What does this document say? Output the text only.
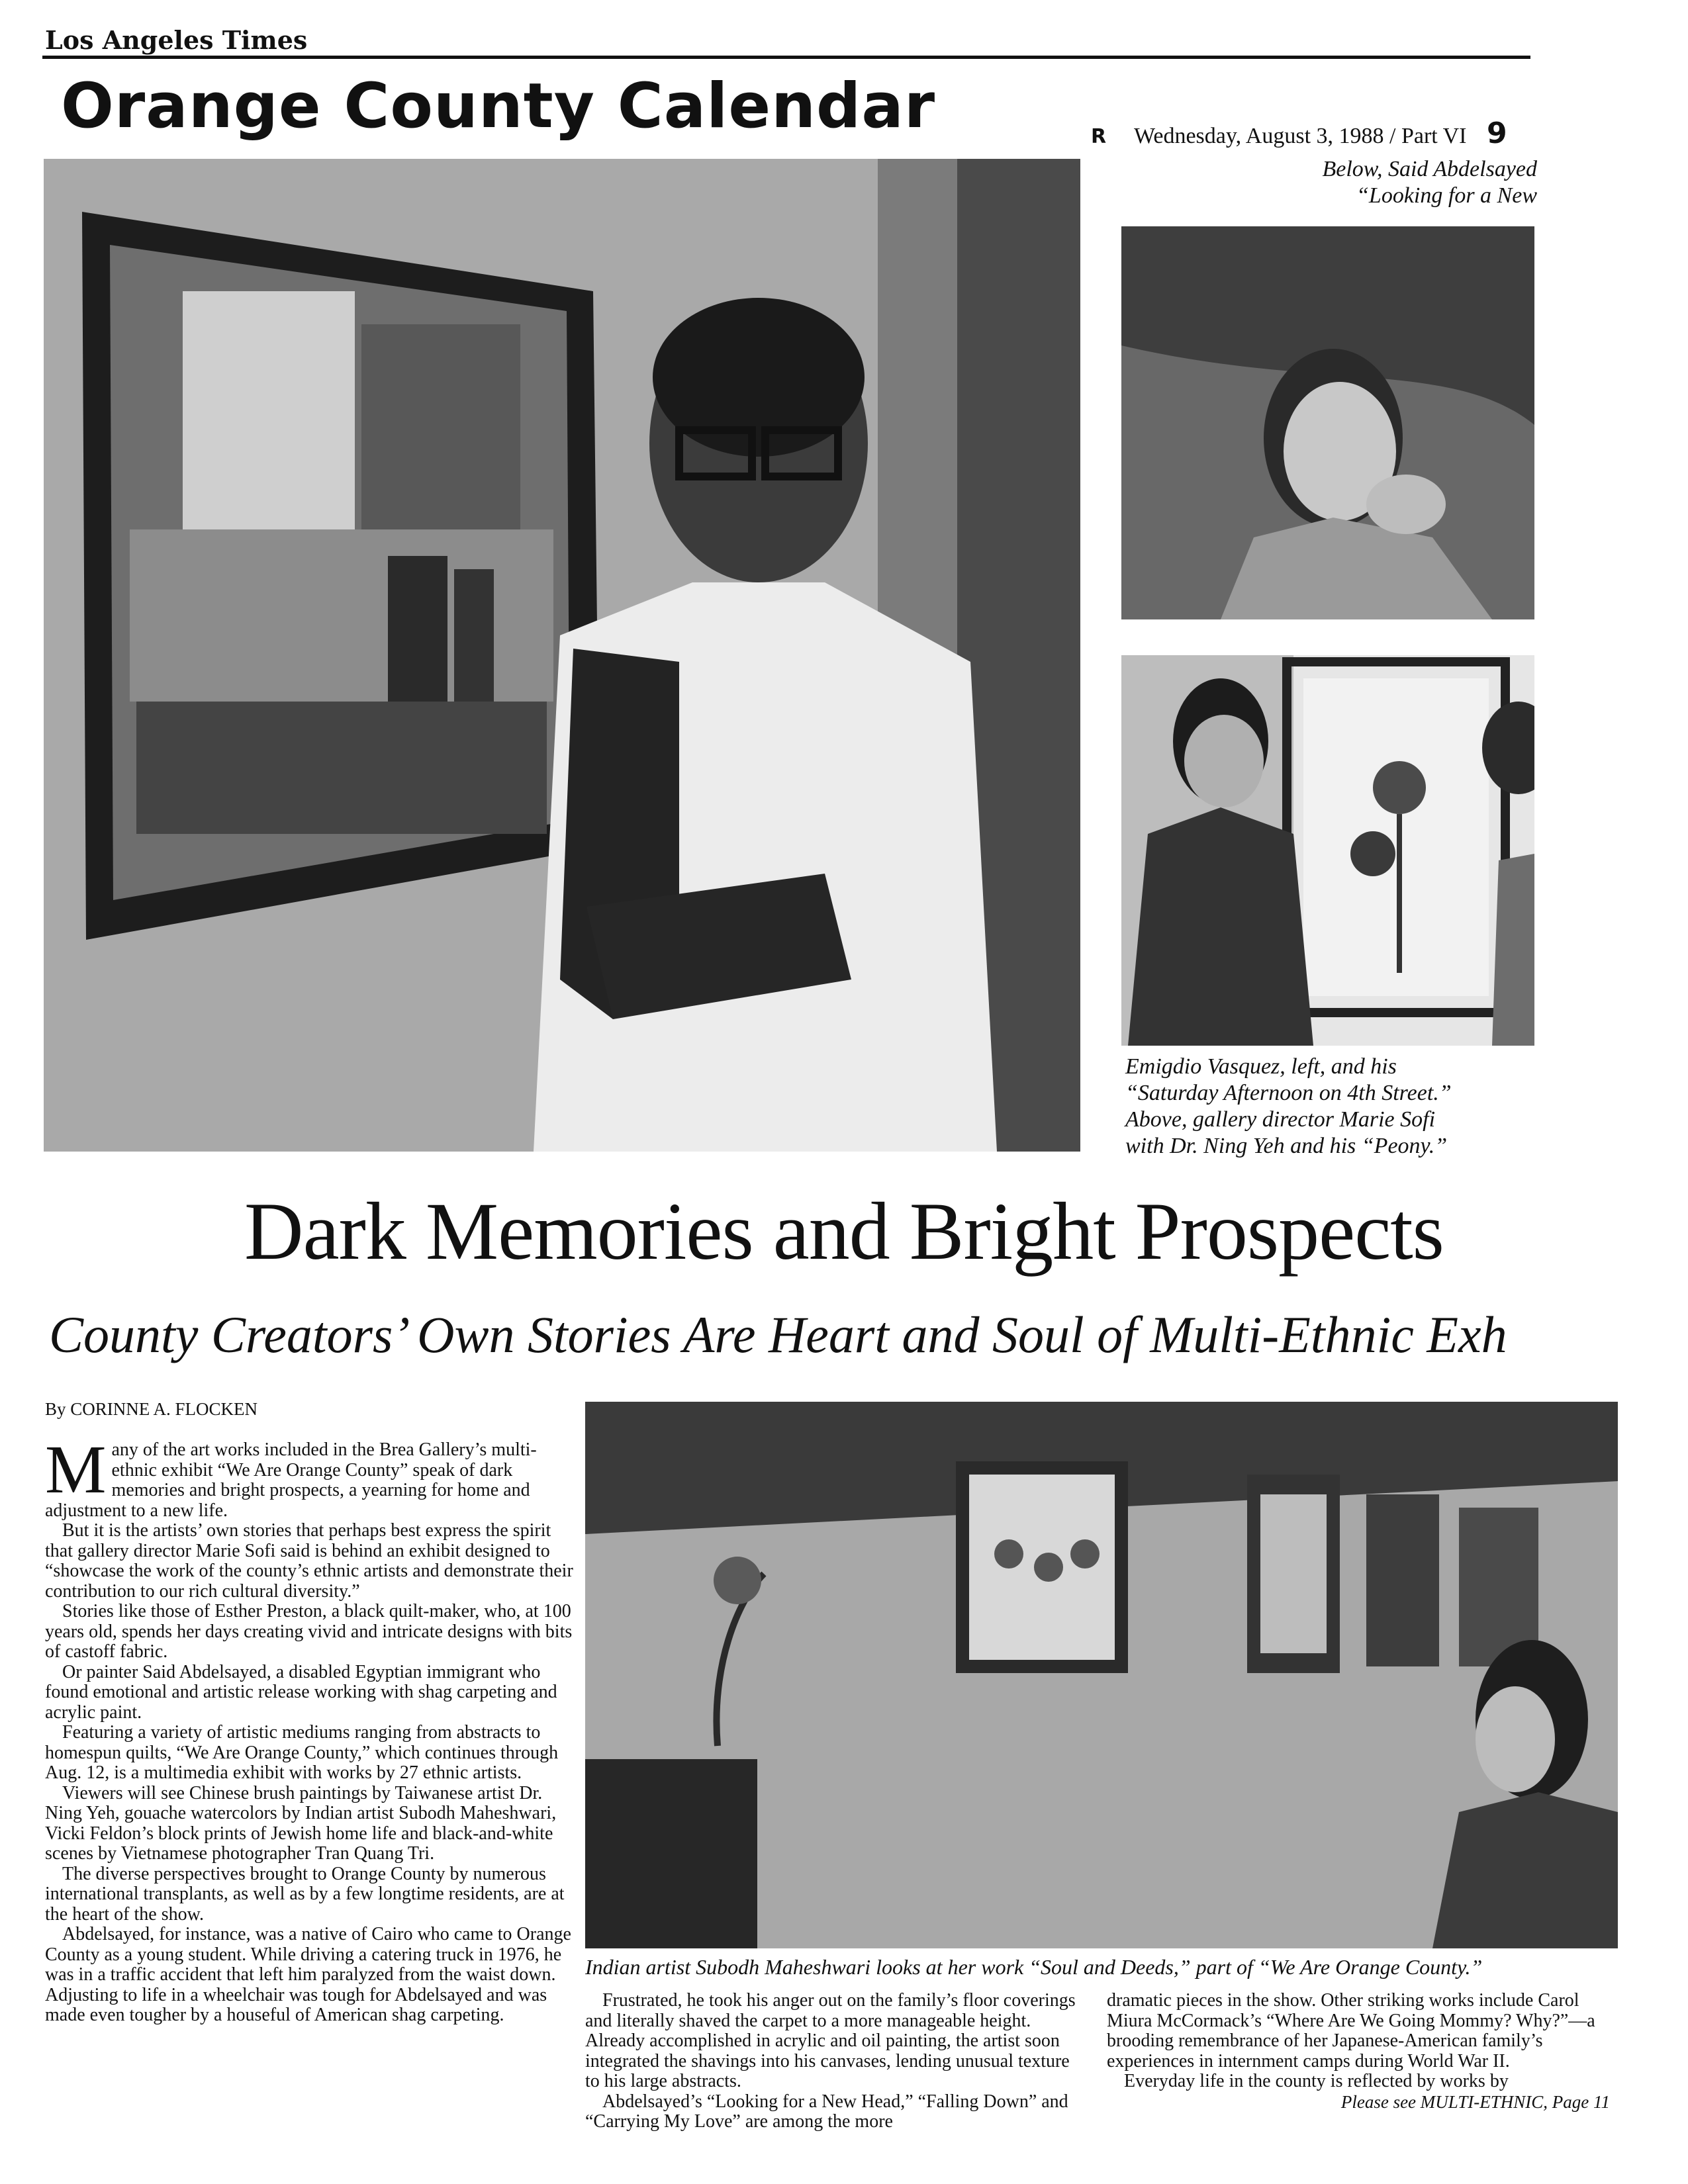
Los Angeles Times
Orange County Calendar	R Wednesday, August 3, 1988 / Part VI 9
Below, Said Abdelsayed
“Looking for a New
Emigdio Vasquez, left, and his
“Saturday Afternoon on 4th Street.”
Above, gallery director Marie Sofi
with Dr. Ning Yeh and his “Peony.”
Dark Memories and Bright Prospects
County Creators’ Own Stories Are Heart and Soul of Multi-Ethnic Exh
By CORINNE A. FLOCKEN

Many of the art works included in the Brea Gallery’s multi-ethnic exhibit “We Are Orange County” speak of dark memories and bright prospects, a yearning for home and adjustment to a new life.

But it is the artists’ own stories that perhaps best express the spirit that gallery director Marie Sofi said is behind an exhibit designed to “showcase the work of the county’s ethnic artists and demonstrate their contribution to our rich cultural diversity.”

Stories like those of Esther Preston, a black quilt-maker, who, at 100 years old, spends her days creating vivid and intricate designs with bits of castoff fabric.

Or painter Said Abdelsayed, a disabled Egyptian immigrant who found emotional and artistic release working with shag carpeting and acrylic paint.

Featuring a variety of artistic mediums ranging from abstracts to homespun quilts, “We Are Orange County,” which continues through Aug. 12, is a multimedia exhibit with works by 27 ethnic artists.

Viewers will see Chinese brush paintings by Taiwanese artist Dr. Ning Yeh, gouache watercolors by Indian artist Subodh Maheshwari, Vicki Feldon’s block prints of Jewish home life and black-and-white scenes by Vietnamese photographer Tran Quang Tri.

The diverse perspectives brought to Orange County by numerous international transplants, as well as by a few longtime residents, are at the heart of the show.

Abdelsayed, for instance, was a native of Cairo who came to Orange County as a young student. While driving a catering truck in 1976, he was in a traffic accident that left him paralyzed from the waist down. Adjusting to life in a wheelchair was tough for Abdelsayed and was made even tougher by a houseful of American shag carpeting.

Indian artist Subodh Maheshwari looks at her work “Soul and Deeds,” part of “We Are Orange County.”

Frustrated, he took his anger out on the family’s floor coverings and literally shaved the carpet to a more manageable height. Already accomplished in acrylic and oil painting, the artist soon integrated the shavings into his canvases, lending unusual texture to his large abstracts.

Abdelsayed’s “Looking for a New Head,” “Falling Down” and “Carrying My Love” are among the more

dramatic pieces in the show. Other striking works include Carol Miura McCormack’s “Where Are We Going Mommy? Why?”—a brooding remembrance of her Japanese-American family’s experiences in internment camps during World War II.

Everyday life in the county is reflected by works by

Please see MULTI-ETHNIC, Page 11
